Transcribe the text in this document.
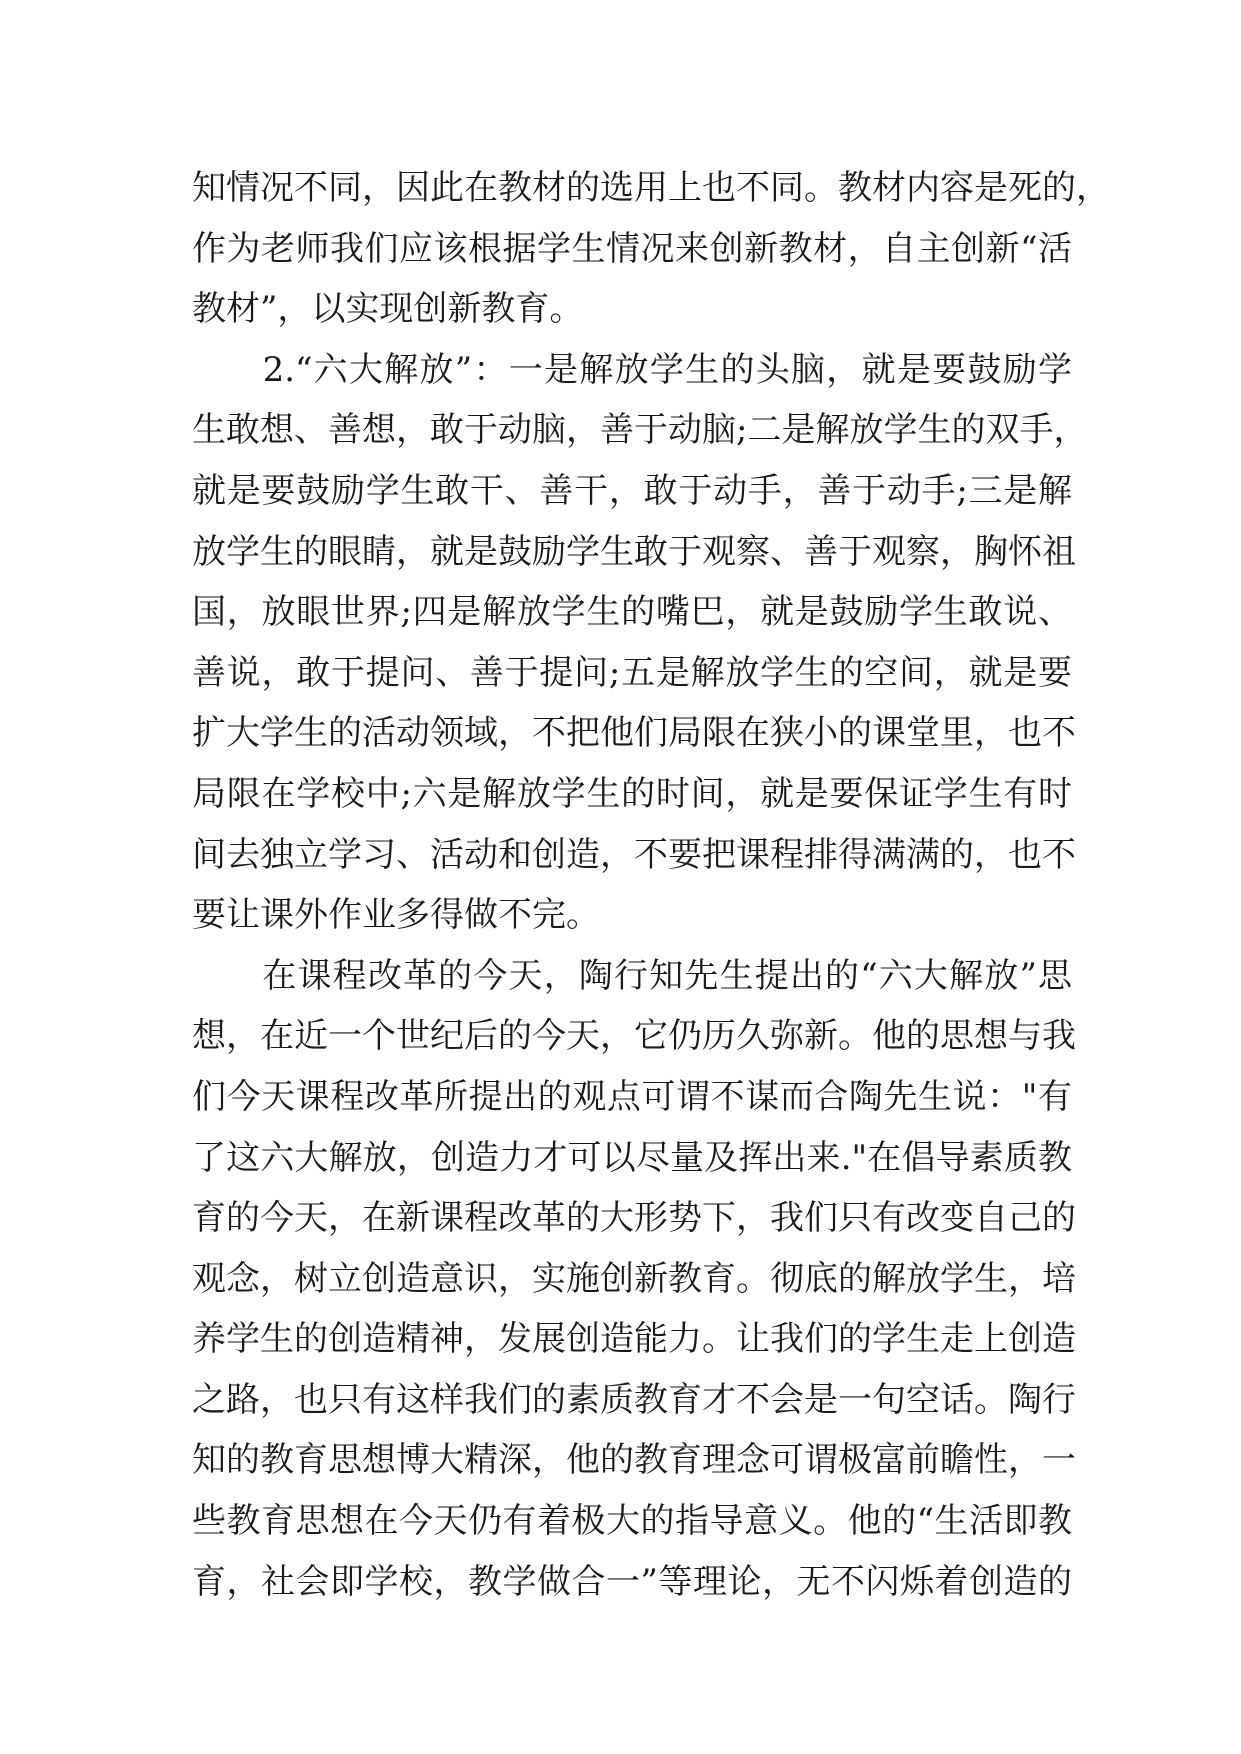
知情况不同，因此在教材的选用上也不同。教材内容是死的，
作为老师我们应该根据学生情况来创新教材，自主创新“活
教材”，以实现创新教育。
　　2.“六大解放”：一是解放学生的头脑，就是要鼓励学
生敢想、善想，敢于动脑，善于动脑;二是解放学生的双手，
就是要鼓励学生敢干、善干，敢于动手，善于动手;三是解
放学生的眼睛，就是鼓励学生敢于观察、善于观察，胸怀祖
国，放眼世界;四是解放学生的嘴巴，就是鼓励学生敢说、
善说，敢于提问、善于提问;五是解放学生的空间，就是要
扩大学生的活动领域，不把他们局限在狭小的课堂里，也不
局限在学校中;六是解放学生的时间，就是要保证学生有时
间去独立学习、活动和创造，不要把课程排得满满的，也不
要让课外作业多得做不完。
　　在课程改革的今天，陶行知先生提出的“六大解放”思
想，在近一个世纪后的今天，它仍历久弥新。他的思想与我
们今天课程改革所提出的观点可谓不谋而合陶先生说："有
了这六大解放，创造力才可以尽量及挥出来."在倡导素质教
育的今天，在新课程改革的大形势下，我们只有改变自己的
观念，树立创造意识，实施创新教育。彻底的解放学生，培
养学生的创造精神，发展创造能力。让我们的学生走上创造
之路，也只有这样我们的素质教育才不会是一句空话。陶行
知的教育思想博大精深，他的教育理念可谓极富前瞻性，一
些教育思想在今天仍有着极大的指导意义。他的“生活即教
育，社会即学校，教学做合一”等理论，无不闪烁着创造的
